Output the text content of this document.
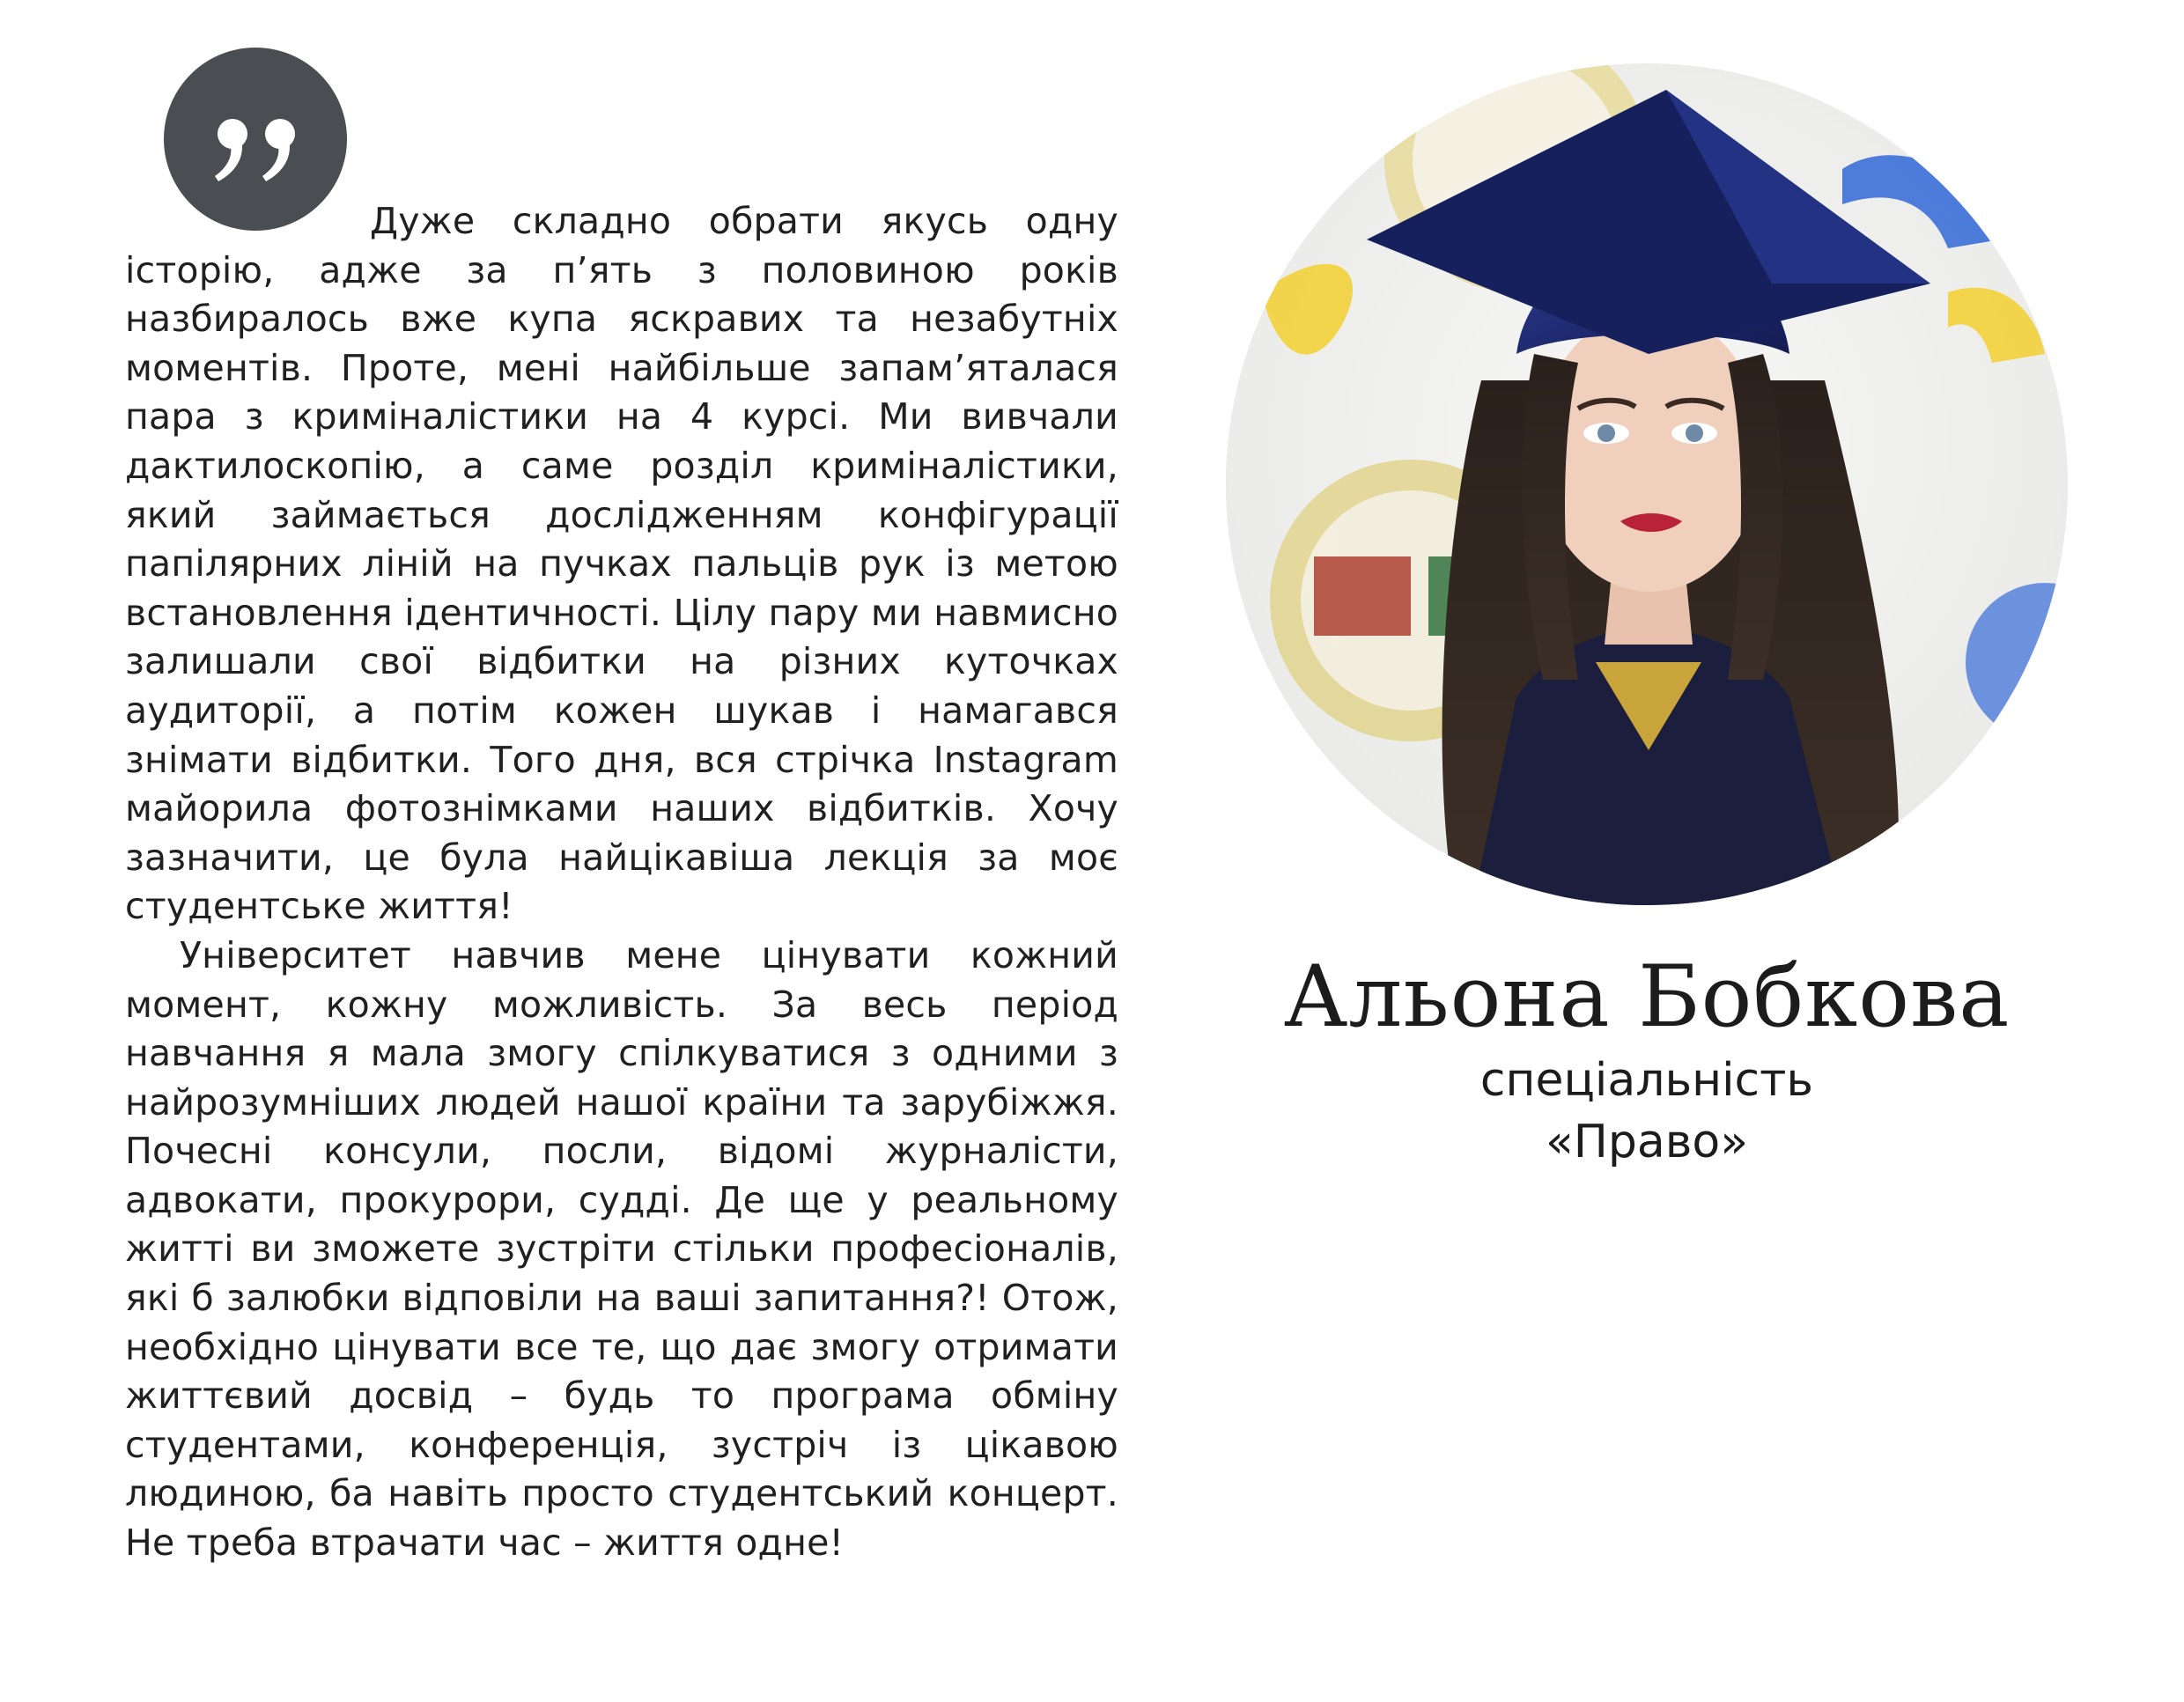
Дуже складно обрати якусь одну історію, адже за п’ять з половиною років назбиралось вже купа яскравих та незабутніх моментів. Проте, мені найбільше запам’яталася пара з криміналістики на 4 курсі. Ми вивчали дактилоскопію, а саме розділ криміналістики, який займається дослідженням конфігурації папілярних ліній на пучках пальців рук із метою встановлення ідентичності. Цілу пару ми навмисно залишали свої відбитки на різних куточках аудиторії, а потім кожен шукав і намагався знімати відбитки. Того дня, вся стрічка Instagram майорила фотознімками наших відбитків. Хочу зазначити, це була найцікавіша лекція за моє студентське життя!

Університет навчив мене цінувати кожний момент, кожну можливість. За весь період навчання я мала змогу спілкуватися з одними з найрозумніших людей нашої країни та зарубіжжя. Почесні консули, посли, відомі журналісти, адвокати, прокурори, судді. Де ще у реальному житті ви зможете зустріти стільки професіоналів, які б залюбки відповіли на ваші запитання?! Отож, необхідно цінувати все те, що дає змогу отримати життєвий досвід – будь то програма обміну студентами, конференція, зустріч із цікавою людиною, ба навіть просто студентський концерт. Не треба втрачати час – життя одне!

Альона Бобкова
спеціальність
«Право»
